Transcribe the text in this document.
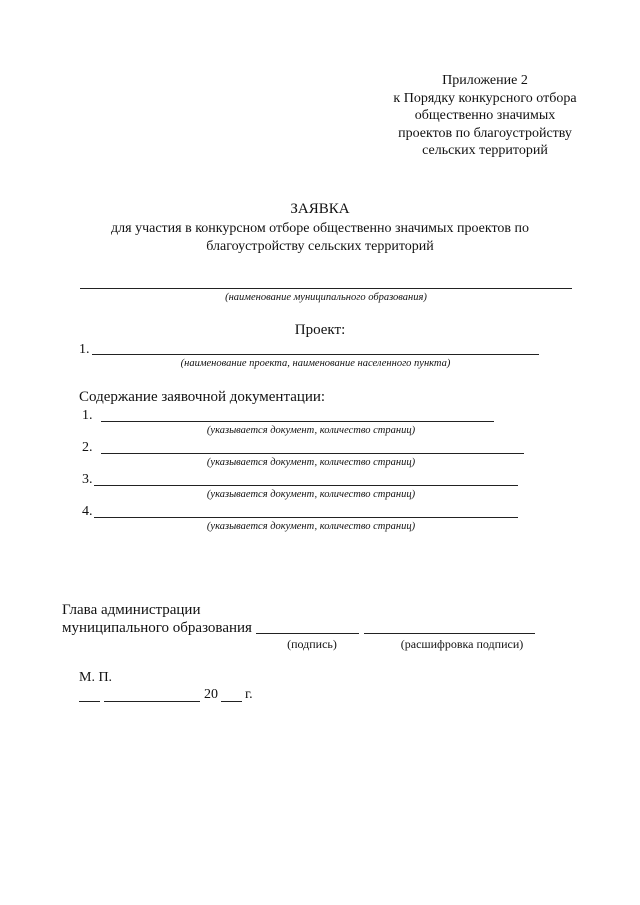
Приложение 2
к Порядку конкурсного отбора
общественно значимых
проектов по благоустройству
сельских территорий
ЗАЯВКА
для участия в конкурсном отборе общественно значимых проектов по
благоустройству сельских территорий
(наименование муниципального образования)
Проект:
1.
(наименование проекта, наименование населенного пункта)
Содержание заявочной документации:
1.
(указывается документ, количество страниц)
2.
(указывается документ, количество страниц)
3.
(указывается документ, количество страниц)
4.
(указывается документ, количество страниц)
Глава администрации
муниципального образования
(подпись)	(расшифровка подписи)
М. П.
20 г.
